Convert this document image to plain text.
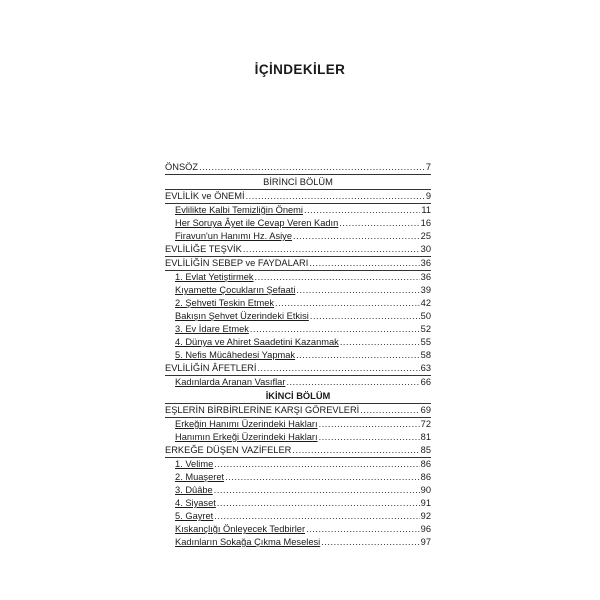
İÇİNDEKİLER
ÖNSÖZ .....	7
BİRİNCİ BÖLÜM
EVLİLİK ve ÖNEMİ .....	9
Evlilikte Kalbi Temizliğin Önemi .....	11
Her Soruya Âyet ile Cevap Veren Kadın .....	16
Firavun'un Hanımı Hz. Asiye .....	25
EVLİLİĞE TEŞVİK .....	30
EVLİLİĞİN SEBEP ve FAYDALARI .....	36
1. Evlat Yetiştirmek .....	36
Kıyamette Çocukların Şefaati .....	39
2. Şehveti Teskin Etmek .....	42
Bakışın Şehvet Üzerindeki Etkisi .....	50
3. Ev İdare Etmek .....	52
4. Dünya ve Ahiret Saadetini Kazanmak .....	55
5. Nefis Mücâhedesi Yapmak .....	58
EVLİLİĞİN ÂFETLERİ .....	63
Kadınlarda Aranan Vasıflar .....	66
İKİNCİ BÖLÜM
EŞLERİN BİRBİRLERİNE KARŞI GÖREVLERİ .....	69
Erkeğin Hanımı Üzerindeki Hakları .....	72
Hanımın Erkeği Üzerindeki Hakları .....	81
ERKEĞE DÜŞEN VAZİFELER .....	85
1. Velime .....	86
2. Muaşeret .....	86
3. Dûâbe .....	90
4. Siyaset .....	91
5. Gayret .....	92
Kıskançlığı Önleyecek Tedbirler .....	96
Kadınların Sokağa Çıkma Meselesi .....	97
